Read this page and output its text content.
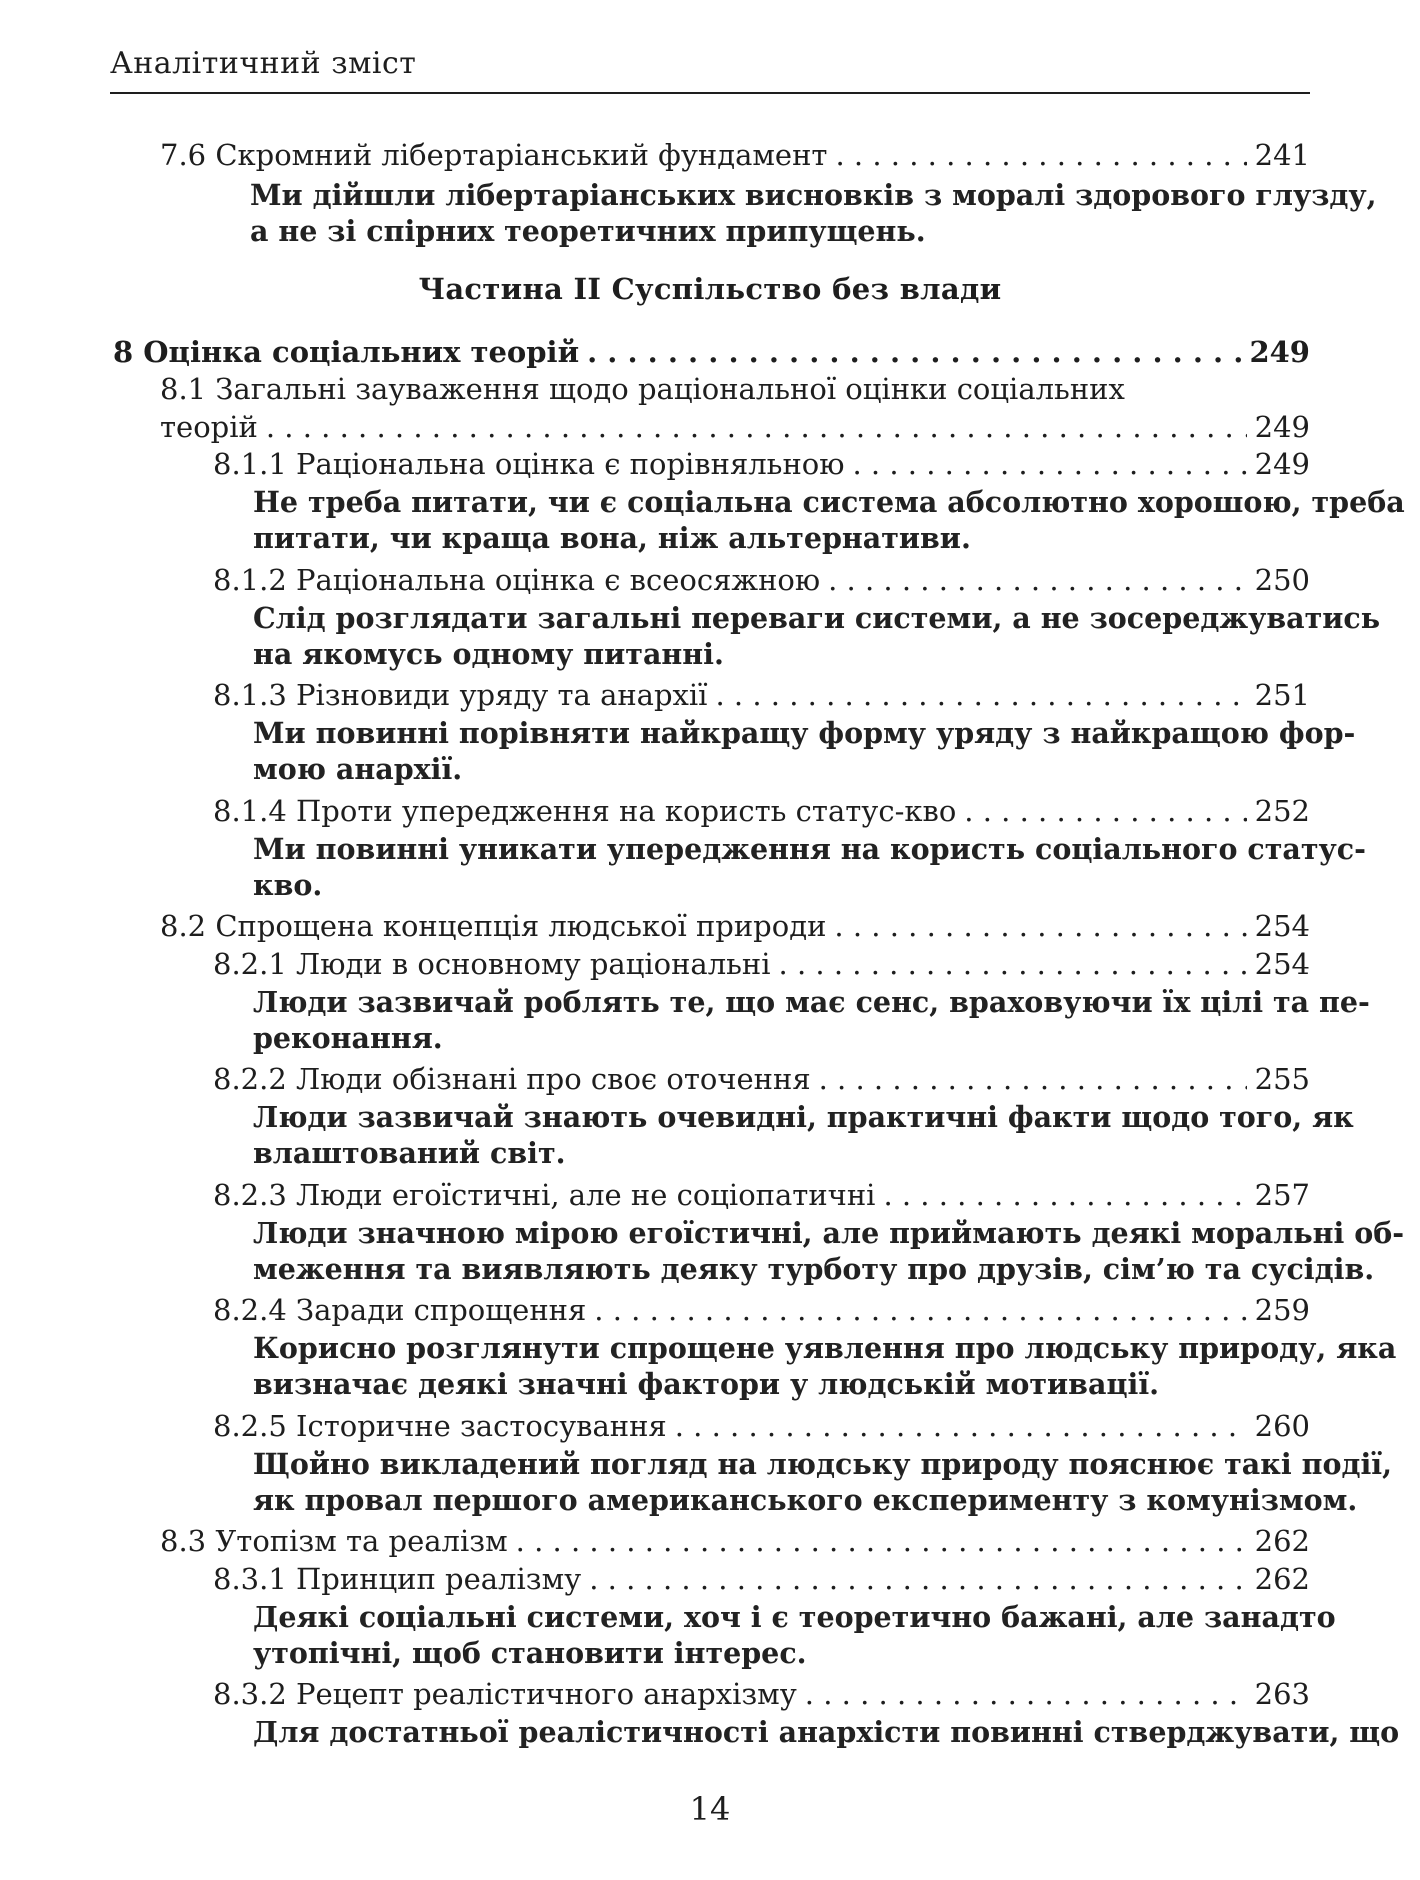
Аналітичний зміст
7.6 Скромний лібертаріанський фундамент . . .	241
Ми дійшли лібертаріанських висновків з моралі здорового глузду,
а не зі спірних теоретичних припущень.
Частина II Суспільство без влади
8 Оцінка соціальних теорій . . .	249
8.1 Загальні зауваження щодо раціональної оцінки соціальних
теорій . . .	249
8.1.1 Раціональна оцінка є порівняльною . . .	249
Не треба питати, чи є соціальна система абсолютно хорошою, треба
питати, чи краща вона, ніж альтернативи.
8.1.2 Раціональна оцінка є всеосяжною . . .	250
Слід розглядати загальні переваги системи, а не зосереджуватись
на якомусь одному питанні.
8.1.3 Різновиди уряду та анархії . . .	251
Ми повинні порівняти найкращу форму уряду з найкращою фор-
мою анархії.
8.1.4 Проти упередження на користь статус-кво . . .	252
Ми повинні уникати упередження на користь соціального статус-
кво.
8.2 Спрощена концепція людської природи . . .	254
8.2.1 Люди в основному раціональні . . .	254
Люди зазвичай роблять те, що має сенс, враховуючи їх цілі та пе-
реконання.
8.2.2 Люди обізнані про своє оточення . . .	255
Люди зазвичай знають очевидні, практичні факти щодо того, як
влаштований світ.
8.2.3 Люди егоїстичні, але не соціопатичні . . .	257
Люди значною мірою егоїстичні, але приймають деякі моральні об-
меження та виявляють деяку турботу про друзів, сім’ю та сусідів.
8.2.4 Заради спрощення . . .	259
Корисно розглянути спрощене уявлення про людську природу, яка
визначає деякі значні фактори у людській мотивації.
8.2.5 Історичне застосування . . .	260
Щойно викладений погляд на людську природу пояснює такі події,
як провал першого американського експерименту з комунізмом.
8.3 Утопізм та реалізм . . .	262
8.3.1 Принцип реалізму . . .	262
Деякі соціальні системи, хоч і є теоретично бажані, але занадто
утопічні, щоб становити інтерес.
8.3.2 Рецепт реалістичного анархізму . . .	263
Для достатньої реалістичності анархісти повинні стверджувати, що
14
